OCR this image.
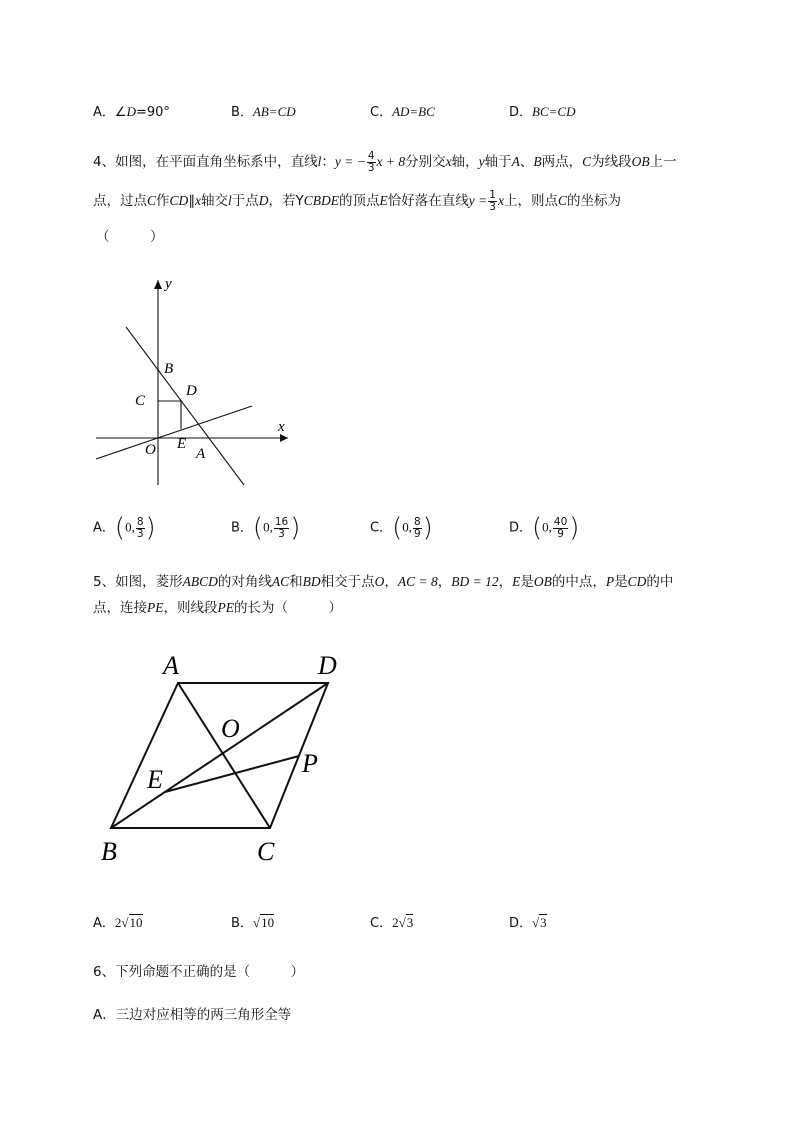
A．∠D=90°	B．AB=CD	C．AD=BC	D．BC=CD
4、如图，在平面直角坐标系中，直线l：y = − $\frac{4}{3}$ x + 8分别交x轴，y轴于A、B两点，C为线段OB上一
点，过点C作CD∥x轴交l于点D，若YCBDE的顶点E恰好落在直线$y = \frac{1}{3}$ x上，则点C的坐标为
（　　　）
y
x
B
C
D
O E
A
A．(0, $\frac{8}{3}$ )	B．(0, $\frac{16}{3}$ )	C．(0, $\frac{8}{9}$ )	D．(0, $\frac{40}{9}$ )
5、如图，菱形ABCD的对角线AC和BD相交于点O，AC = 8，BD = 12，E是OB的中点，P是CD的中
点，连接PE，则线段PE的长为（　　　）
A	D
O
P
E
B	C
A．2√10	B．√10	C．2√3	D．√3
6、下列命题不正确的是（　　　）
A．三边对应相等的两三角形全等
